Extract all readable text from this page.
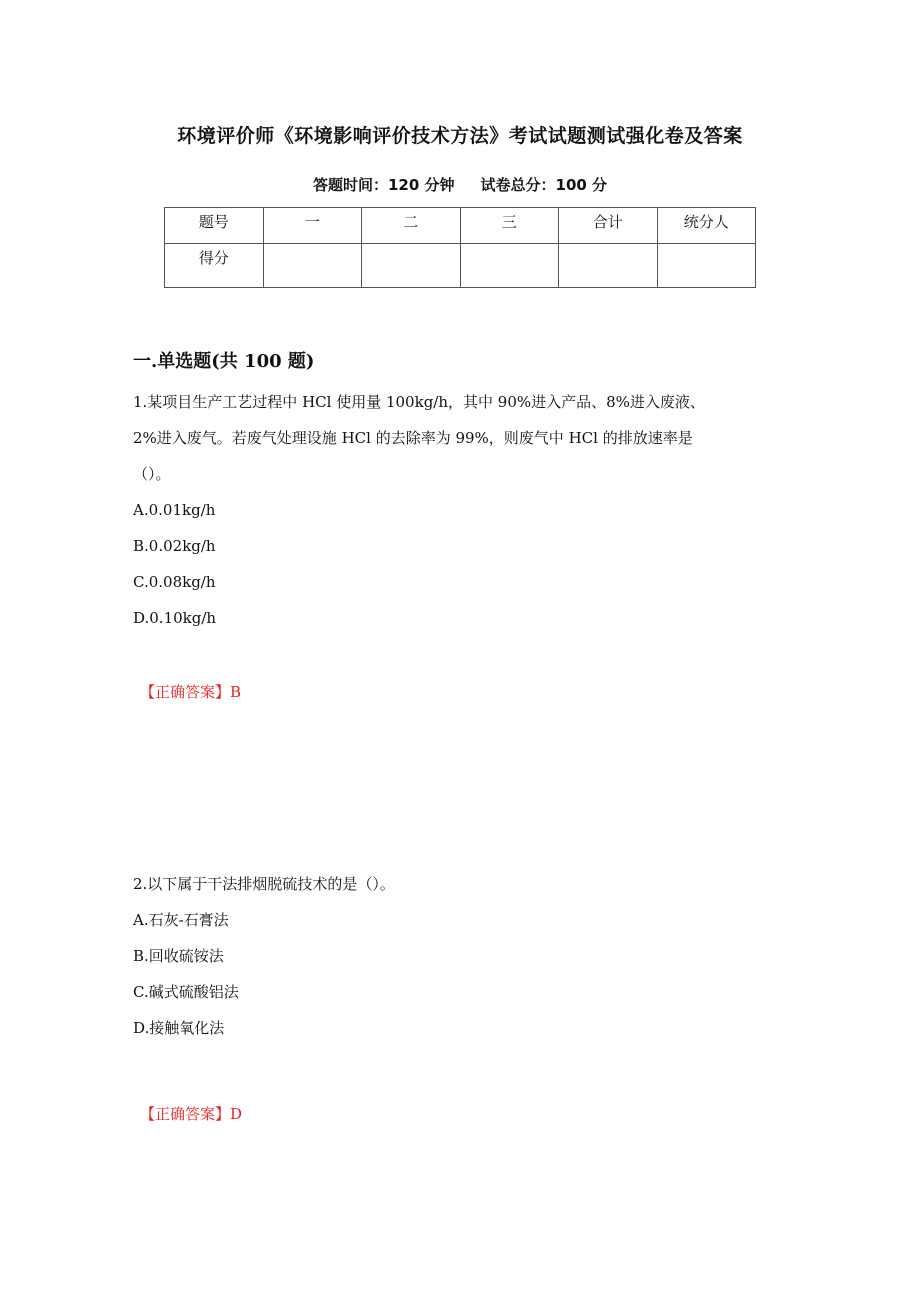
环境评价师《环境影响评价技术方法》考试试题测试强化卷及答案
答题时间：120 分钟 试卷总分：100 分
题号	一	二	三	合计	统分人
得分					
一.单选题(共 100 题)

1.某项目生产工艺过程中 HCl 使用量 100kg/h，其中 90%进入产品、8%进入废液、

2%进入废气。若废气处理设施 HCl 的去除率为 99%，则废气中 HCl 的排放速率是

（）。

A.0.01kg/h

B.0.02kg/h

C.0.08kg/h

D.0.10kg/h

【正确答案】B

2.以下属于干法排烟脱硫技术的是（）。

A.石灰-石膏法

B.回收硫铵法

C.碱式硫酸铝法

D.接触氧化法

【正确答案】D
